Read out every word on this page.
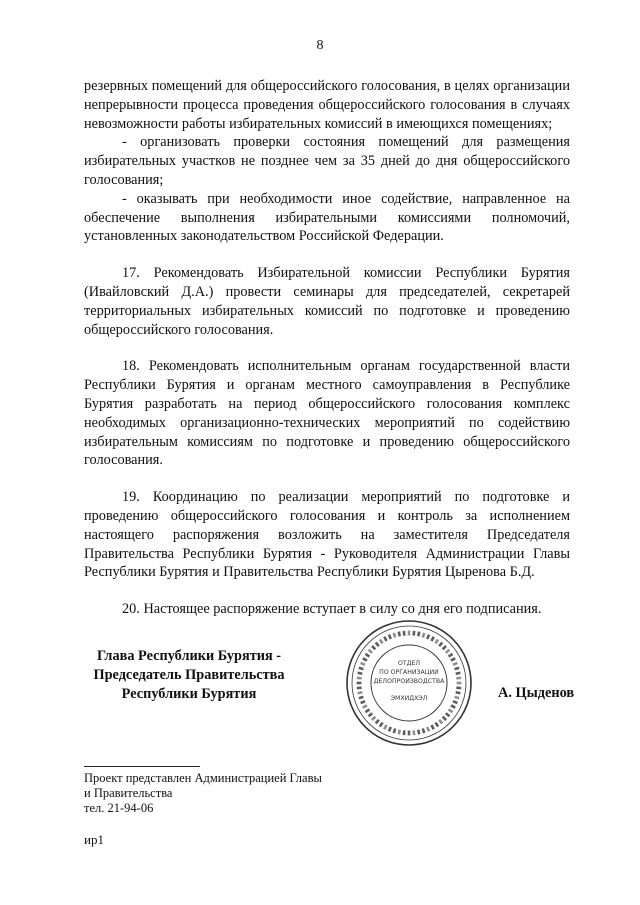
8

резервных помещений для общероссийского голосования, в целях организации непрерывности процесса проведения общероссийского голосования в случаях невозможности работы избирательных комиссий в имеющихся помещениях;

- организовать проверки состояния помещений для размещения избирательных участков не позднее чем за 35 дней до дня общероссийского голосования;

- оказывать при необходимости иное содействие, направленное на обеспечение выполнения избирательными комиссиями полномочий, установленных законодательством Российской Федерации.

17. Рекомендовать Избирательной комиссии Республики Бурятия (Ивайловский Д.А.) провести семинары для председателей, секретарей территориальных избирательных комиссий по подготовке и проведению общероссийского голосования.

18. Рекомендовать исполнительным органам государственной власти Республики Бурятия и органам местного самоуправления в Республике Бурятия разработать на период общероссийского голосования комплекс необходимых организационно-технических мероприятий по содействию избирательным комиссиям по подготовке и проведению общероссийского голосования.

19. Координацию по реализации мероприятий по подготовке и проведению общероссийского голосования и контроль за исполнением настоящего распоряжения возложить на заместителя Председателя Правительства Республики Бурятия - Руководителя Администрации Главы Республики Бурятия и Правительства Республики Бурятия Цыренова Б.Д.

20. Настоящее распоряжение вступает в силу со дня его подписания.

Глава Республики Бурятия -
Председатель Правительства
Республики Бурятия
ОТДЕЛ
ПО ОРГАНИЗАЦИИ
ДЕЛОПРОИЗВОДСТВА
ЭМХИДХЭЛ	А. Цыденов
Проект представлен Администрацией Главы
и Правительства
тел. 21-94-06
ир1
